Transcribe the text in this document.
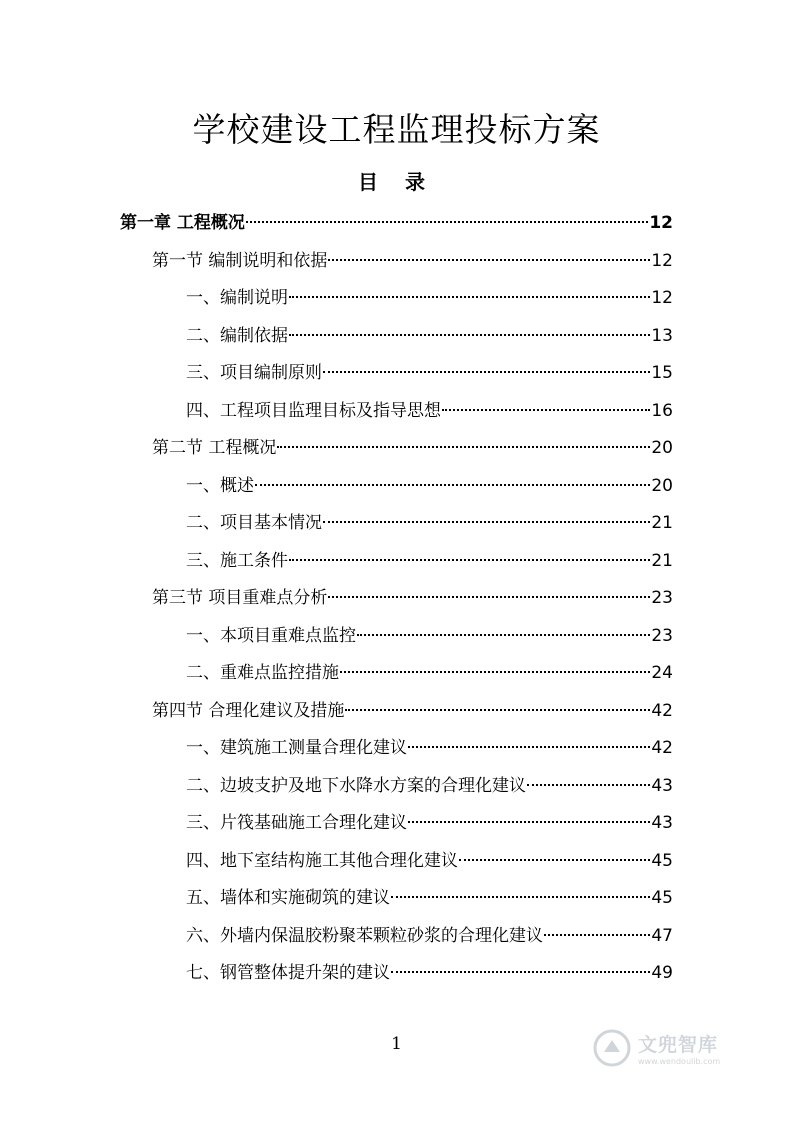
学校建设工程监理投标方案
目 录
第一章 工程概况	12
第一节 编制说明和依据	12
一、编制说明	12
二、编制依据	13
三、项目编制原则	15
四、工程项目监理目标及指导思想	16
第二节 工程概况	20
一、概述	20
二、项目基本情况	21
三、施工条件	21
第三节 项目重难点分析	23
一、本项目重难点监控	23
二、重难点监控措施	24
第四节 合理化建议及措施	42
一、建筑施工测量合理化建议	42
二、边坡支护及地下水降水方案的合理化建议	43
三、片筏基础施工合理化建议	43
四、地下室结构施工其他合理化建议	45
五、墙体和实施砌筑的建议	45
六、外墙内保温胶粉聚苯颗粒砂浆的合理化建议	47
七、钢管整体提升架的建议	49
1	文兜智库
www.wendoulib.com
